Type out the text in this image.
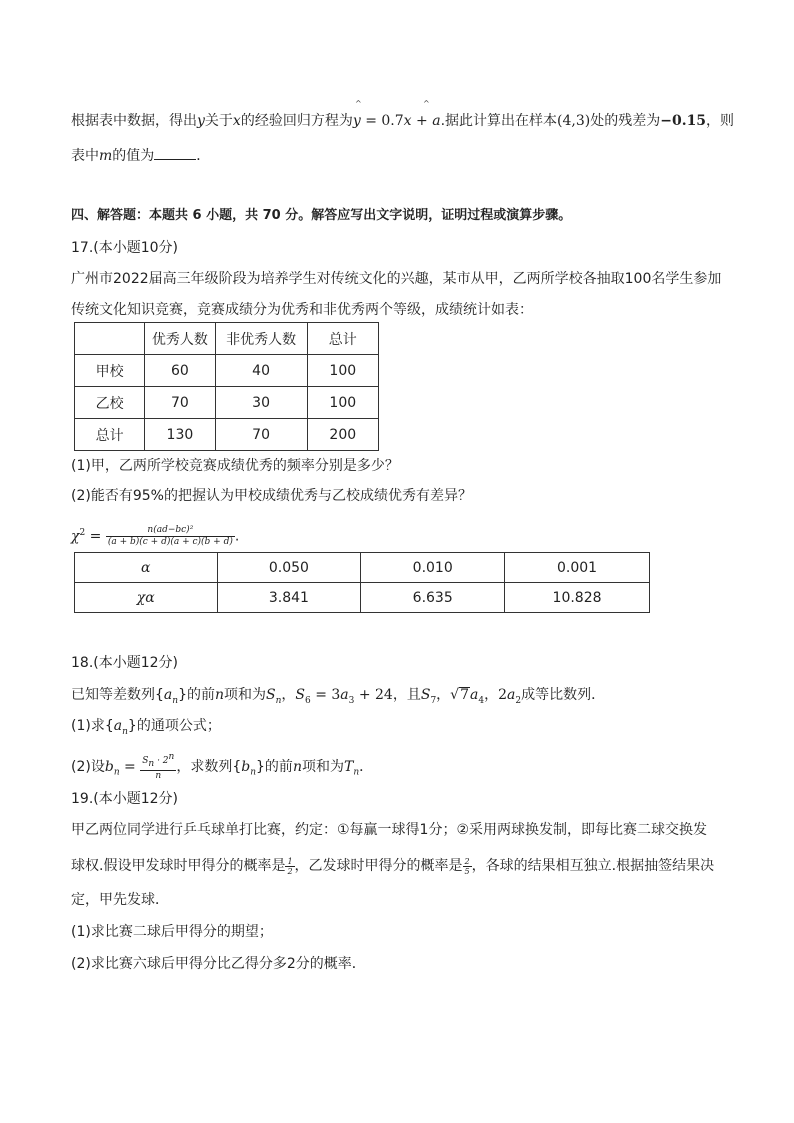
^	^
根据表中数据，得出y关于x的经验回归方程为y = 0.7x + a.据此计算出在样本(4,3)处的残差为−0.15，则
表中m的值为	．
四、解答题：本题共 6 小题，共 70 分。解答应写出文字说明，证明过程或演算步骤。
17.(本小题10分)
广州市2022届高三年级阶段为培养学生对传统文化的兴趣，某市从甲，乙两所学校各抽取100名学生参加
传统文化知识竞赛，竞赛成绩分为优秀和非优秀两个等级，成绩统计如表：
	优秀人数	非优秀人数	总计
甲校	60	40	100
乙校	70	30	100
总计	130	70	200
(1)甲，乙两所学校竞赛成绩优秀的频率分别是多少？
(2)能否有95%的把握认为甲校成绩优秀与乙校成绩优秀有差异？
$\chi^2 = \frac{\text{n(ad−bc)²}}{(a + b)(c + d)(a + c)(b + d)}$ .
α	0.050	0.010	0.001
χα	3.841	6.635	10.828
18.(本小题12分)
已知等差数列$\{a_n\}$的前n项和为$S_n$，$S_6 = 3a_3 + 24$，且$S_7$，$√7a_4$，$2a_2$成等比数列．
(1)求$\{a_n\}$的通项公式；
(2)设$b_n = \frac{S_n \cdot 2^n}{n}$ ，求数列$\{b_n\}$的前n项和为$T_n$．
19.(本小题12分)
甲乙两位同学进行乒乓球单打比赛，约定：①每赢一球得1分；②采用两球换发制，即每比赛二球交换发
球权.假设甲发球时甲得分的概率是 $\frac{1}{2}$ ，乙发球时甲得分的概率是 $\frac{2}{5}$ ，各球的结果相互独立.根据抽签结果决
定，甲先发球．
(1)求比赛二球后甲得分的期望；
(2)求比赛六球后甲得分比乙得分多2分的概率．
